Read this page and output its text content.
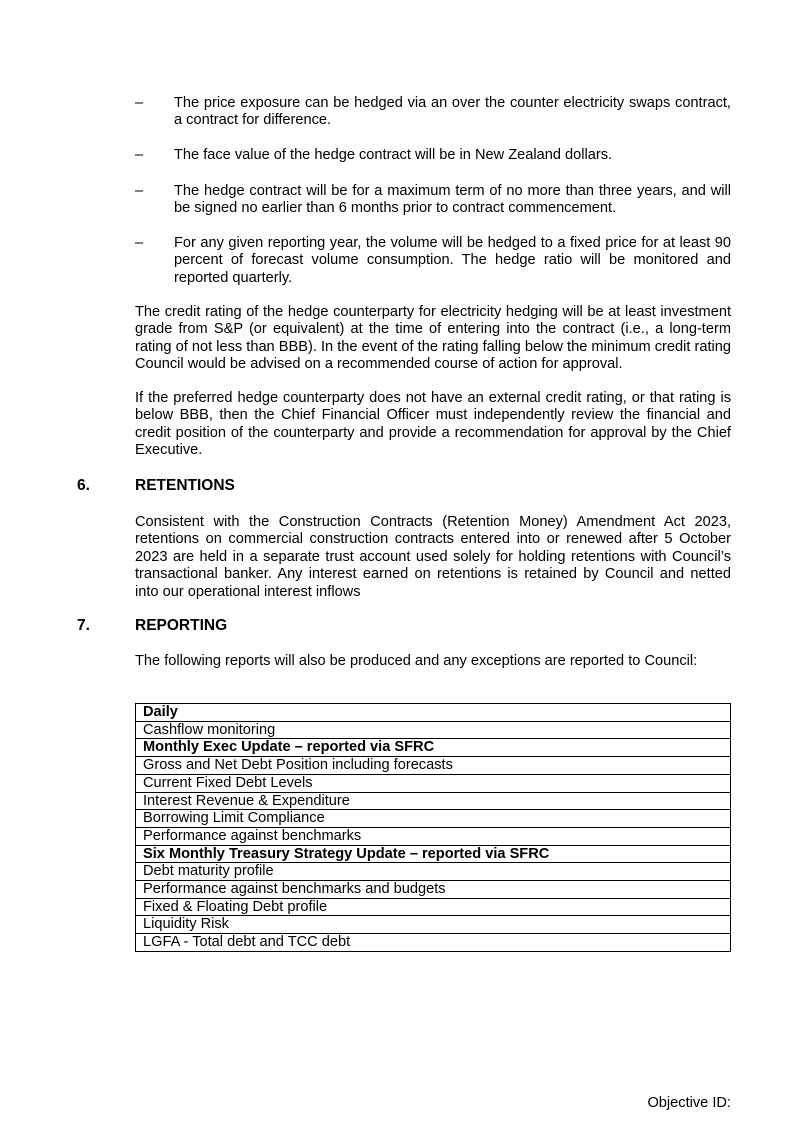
–	The price exposure can be hedged via an over the counter electricity swaps contract, a contract for difference.
–	The face value of the hedge contract will be in New Zealand dollars.
–	The hedge contract will be for a maximum term of no more than three years, and will be signed no earlier than 6 months prior to contract commencement.
–	For any given reporting year, the volume will be hedged to a fixed price for at least 90 percent of forecast volume consumption. The hedge ratio will be monitored and reported quarterly.
The credit rating of the hedge counterparty for electricity hedging will be at least investment grade from S&P (or equivalent) at the time of entering into the contract (i.e., a long-term rating of not less than BBB). In the event of the rating falling below the minimum credit rating Council would be advised on a recommended course of action for approval.
If the preferred hedge counterparty does not have an external credit rating, or that rating is below BBB, then the Chief Financial Officer must independently review the financial and credit position of the counterparty and provide a recommendation for approval by the Chief Executive.
6.	RETENTIONS
Consistent with the Construction Contracts (Retention Money) Amendment Act 2023, retentions on commercial construction contracts entered into or renewed after 5 October 2023 are held in a separate trust account used solely for holding retentions with Council’s transactional banker. Any interest earned on retentions is retained by Council and netted into our operational interest inflows
7.	REPORTING
The following reports will also be produced and any exceptions are reported to Council:
Daily
Cashflow monitoring
Monthly Exec Update – reported via SFRC
Gross and Net Debt Position including forecasts
Current Fixed Debt Levels
Interest Revenue & Expenditure
Borrowing Limit Compliance
Performance against benchmarks
Six Monthly Treasury Strategy Update – reported via SFRC
Debt maturity profile
Performance against benchmarks and budgets
Fixed & Floating Debt profile
Liquidity Risk
LGFA - Total debt and TCC debt
Objective ID:
